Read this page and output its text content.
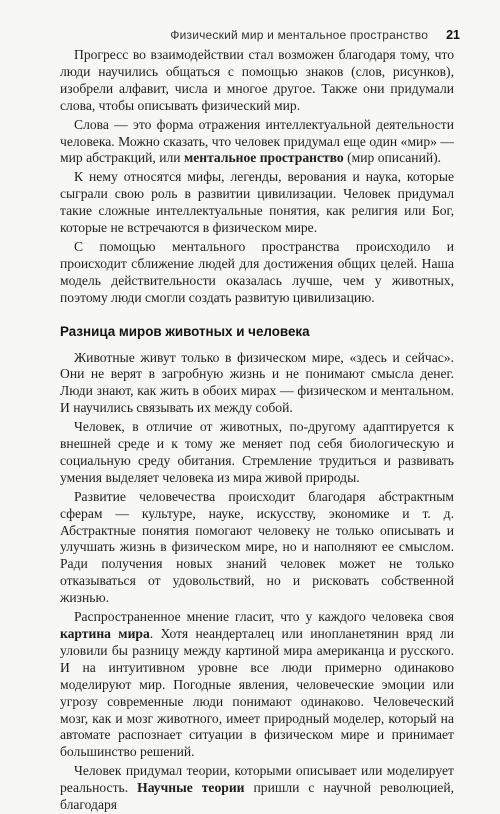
Физический мир и ментальное пространство 21

Прогресс во взаимодействии стал возможен благодаря тому, что люди научились общаться с помощью знаков (слов, рисунков), изобрели алфавит, числа и многое другое. Также они придумали слова, чтобы описывать физический мир.

Слова — это форма отражения интеллектуальной деятельности человека. Можно сказать, что человек придумал еще один «мир» — мир абстракций, или ментальное пространство (мир описаний).

К нему относятся мифы, легенды, верования и наука, которые сыграли свою роль в развитии цивилизации. Человек придумал такие сложные интеллектуальные понятия, как религия или Бог, которые не встречаются в физическом мире.

С помощью ментального пространства происходило и происходит сближение людей для достижения общих целей. Наша модель действительности оказалась лучше, чем у животных, поэтому люди смогли создать развитую цивилизацию.

Разница миров животных и человека

Животные живут только в физическом мире, «здесь и сейчас». Они не верят в загробную жизнь и не понимают смысла денег. Люди знают, как жить в обоих мирах — физическом и ментальном. И научились связывать их между собой.

Человек, в отличие от животных, по-другому адаптируется к внешней среде и к тому же меняет под себя биологическую и социальную среду обитания. Стремление трудиться и развивать умения выделяет человека из мира живой природы.

Развитие человечества происходит благодаря абстрактным сферам — культуре, науке, искусству, экономике и т. д. Абстрактные понятия помогают человеку не только описывать и улучшать жизнь в физическом мире, но и наполняют ее смыслом. Ради получения новых знаний человек может не только отказываться от удовольствий, но и рисковать собственной жизнью.

Распространенное мнение гласит, что у каждого человека своя картина мира. Хотя неандерталец или инопланетянин вряд ли уловили бы разницу между картиной мира американца и русского. И на интуитивном уровне все люди примерно одинаково моделируют мир. Погодные явления, человеческие эмоции или угрозу современные люди понимают одинаково. Человеческий мозг, как и мозг животного, имеет природный моделер, который на автомате распознает ситуации в физическом мире и принимает большинство решений.

Человек придумал теории, которыми описывает или моделирует реальность. Научные теории пришли с научной революцией, благодаря
